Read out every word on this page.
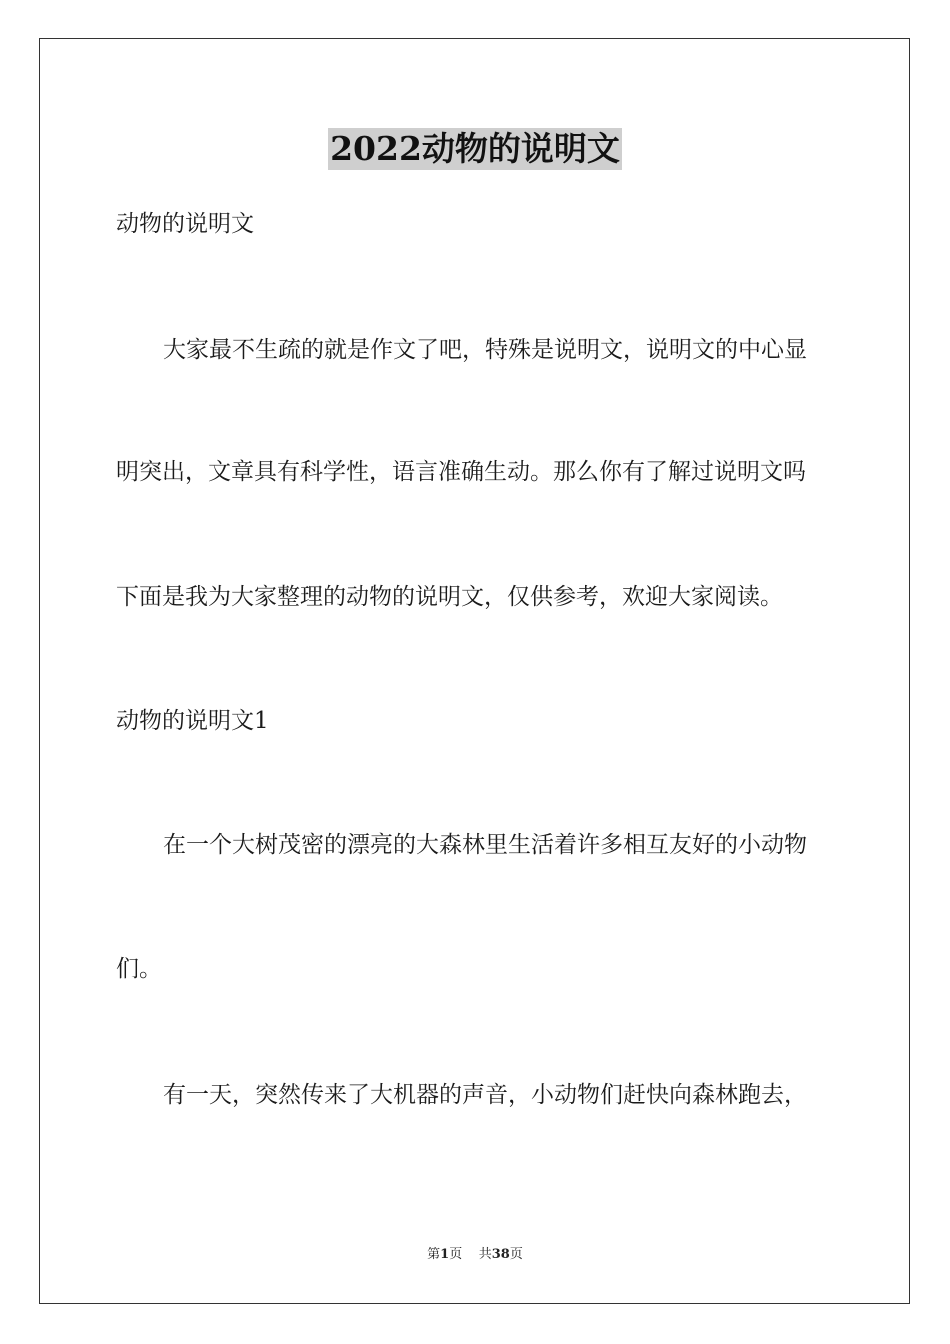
2022动物的说明文
动物的说明文
大家最不生疏的就是作文了吧，特殊是说明文，说明文的中心显
明突出，文章具有科学性，语言准确生动。那么你有了解过说明文吗
下面是我为大家整理的动物的说明文，仅供参考，欢迎大家阅读。
动物的说明文1
在一个大树茂密的漂亮的大森林里生活着许多相互友好的小动物
们。
有一天，突然传来了大机器的声音，小动物们赶快向森林跑去，
第1页 共38页
